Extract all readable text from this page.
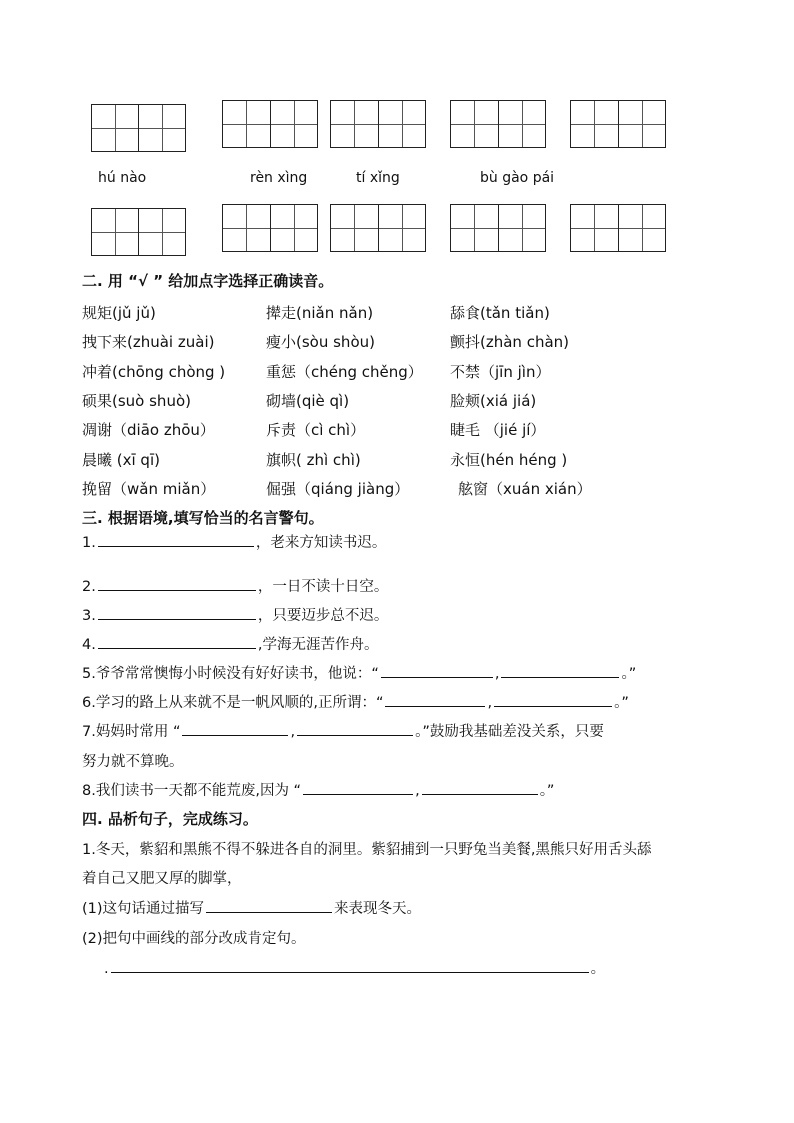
hú nào	rèn xìng	tí xǐng	bù gào pái
二. 用 “√ ” 给加点字选择正确读音。
规矩(jǔ jǔ)	撵走(niǎn nǎn)	舔食(tǎn tiǎn)
拽下来(zhuài zuài)	瘦小(sòu shòu)	颤抖(zhàn chàn)
冲着(chōng chòng )	重惩（chéng chěng） 不禁（jīn jìn）
硕果(suò shuò)	砌墙(qiè qì)	脸颊(xiá jiá)
凋谢（diāo zhōu）	斥责（cì chì）	睫毛 （jié jí）
晨曦 (xī qī)	旗帜( zhì chì)	永恒(hén héng )
挽留（wǎn miǎn）	倔强（qiáng jiàng）	舷窗（xuán xián）
三. 根据语境,填写恰当的名言警句。
1.	，老来方知读书迟。
2.	，一日不读十日空。
3.	，只要迈步总不迟。
4.	,学海无涯苦作舟。
5.爷爷常常懊悔小时候没有好好读书，他说：“	,	。”
6.学习的路上从来就不是一帆风顺的,正所谓：“	,	。”
7.妈妈时常用 “	,	。”鼓励我基础差没关系，只要
努力就不算晚。
8.我们读书一天都不能荒废,因为 “	,	。”
四. 品析句子，完成练习。
1.冬天，紫貂和黑熊不得不躲进各自的洞里。紫貂捕到一只野兔当美餐,黑熊只好用舌头舔
着自己又肥又厚的脚掌，
(1)这句话通过描写	来表现冬天。
(2)把句中画线的部分改成肯定句。
.	。
